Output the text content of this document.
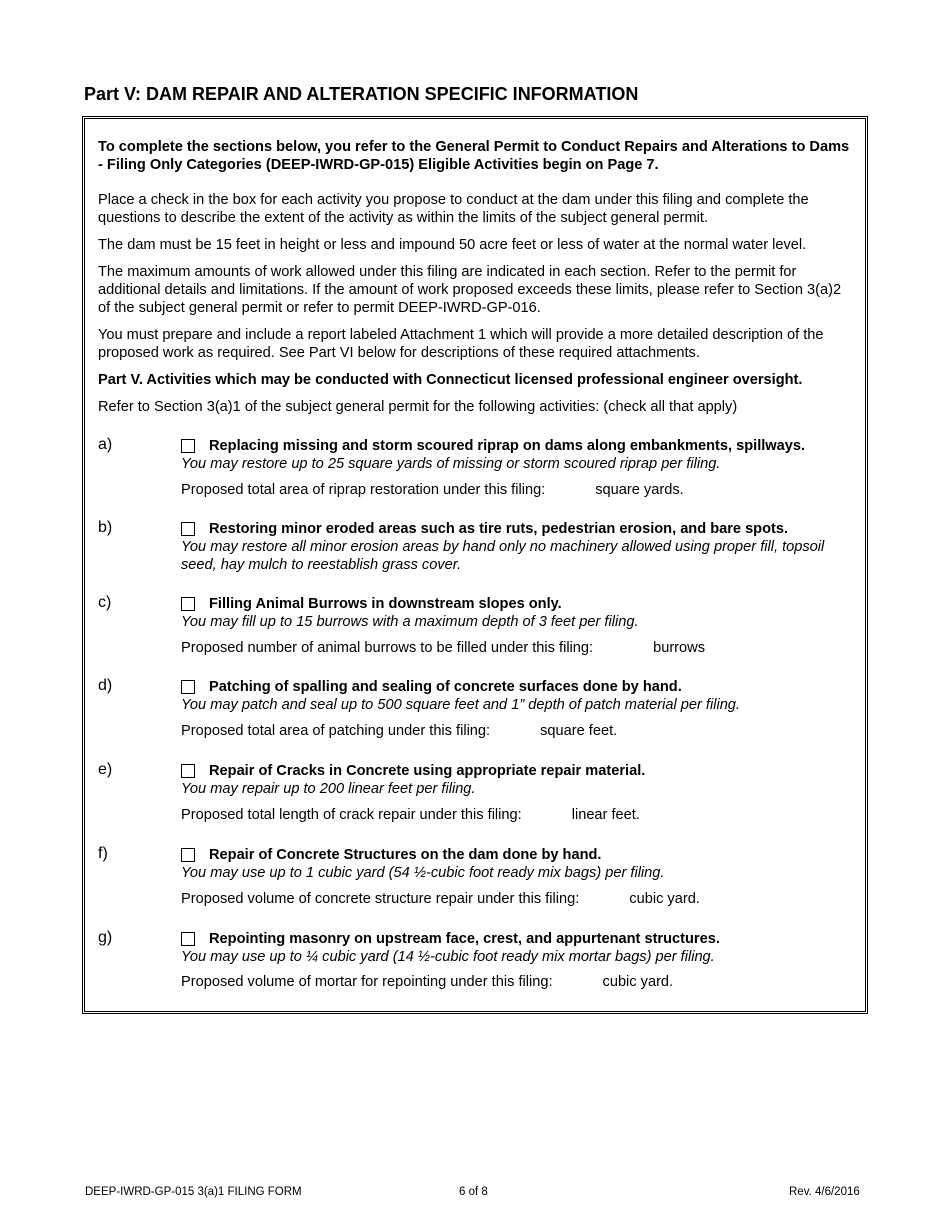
Part V: DAM REPAIR AND ALTERATION SPECIFIC INFORMATION

To complete the sections below, you refer to the General Permit to Conduct Repairs and Alterations to Dams - Filing Only Categories (DEEP-IWRD-GP-015) Eligible Activities begin on Page 7.

Place a check in the box for each activity you propose to conduct at the dam under this filing and complete the questions to describe the extent of the activity as within the limits of the subject general permit.

The dam must be 15 feet in height or less and impound 50 acre feet or less of water at the normal water level.

The maximum amounts of work allowed under this filing are indicated in each section. Refer to the permit for additional details and limitations. If the amount of work proposed exceeds these limits, please refer to Section 3(a)2 of the subject general permit or refer to permit DEEP-IWRD-GP-016.

You must prepare and include a report labeled Attachment 1 which will provide a more detailed description of the proposed work as required. See Part VI below for descriptions of these required attachments.

Part V. Activities which may be conducted with Connecticut licensed professional engineer oversight.

Refer to Section 3(a)1 of the subject general permit for the following activities: (check all that apply)

a)	Replacing missing and storm scoured riprap on dams along embankments, spillways.
You may restore up to 25 square yards of missing or storm scoured riprap per filing.
Proposed total area of riprap restoration under this filing:	square yards.
b)	Restoring minor eroded areas such as tire ruts, pedestrian erosion, and bare spots.
You may restore all minor erosion areas by hand only no machinery allowed using proper fill, topsoil seed, hay mulch to reestablish grass cover.
c)	Filling Animal Burrows in downstream slopes only.
You may fill up to 15 burrows with a maximum depth of 3 feet per filing.
Proposed number of animal burrows to be filled under this filing:	burrows
d)	Patching of spalling and sealing of concrete surfaces done by hand.
You may patch and seal up to 500 square feet and 1” depth of patch material per filing.
Proposed total area of patching under this filing:	square feet.
e)	Repair of Cracks in Concrete using appropriate repair material.
You may repair up to 200 linear feet per filing.
Proposed total length of crack repair under this filing:	linear feet.
f)	Repair of Concrete Structures on the dam done by hand.
You may use up to 1 cubic yard (54 ½-cubic foot ready mix bags) per filing.
Proposed volume of concrete structure repair under this filing:	cubic yard.
g)	Repointing masonry on upstream face, crest, and appurtenant structures.
You may use up to ¼ cubic yard (14 ½-cubic foot ready mix mortar bags) per filing.
Proposed volume of mortar for repointing under this filing:	cubic yard.
DEEP-IWRD-GP-015 3(a)1 FILING FORM	6 of 8	Rev. 4/6/2016
